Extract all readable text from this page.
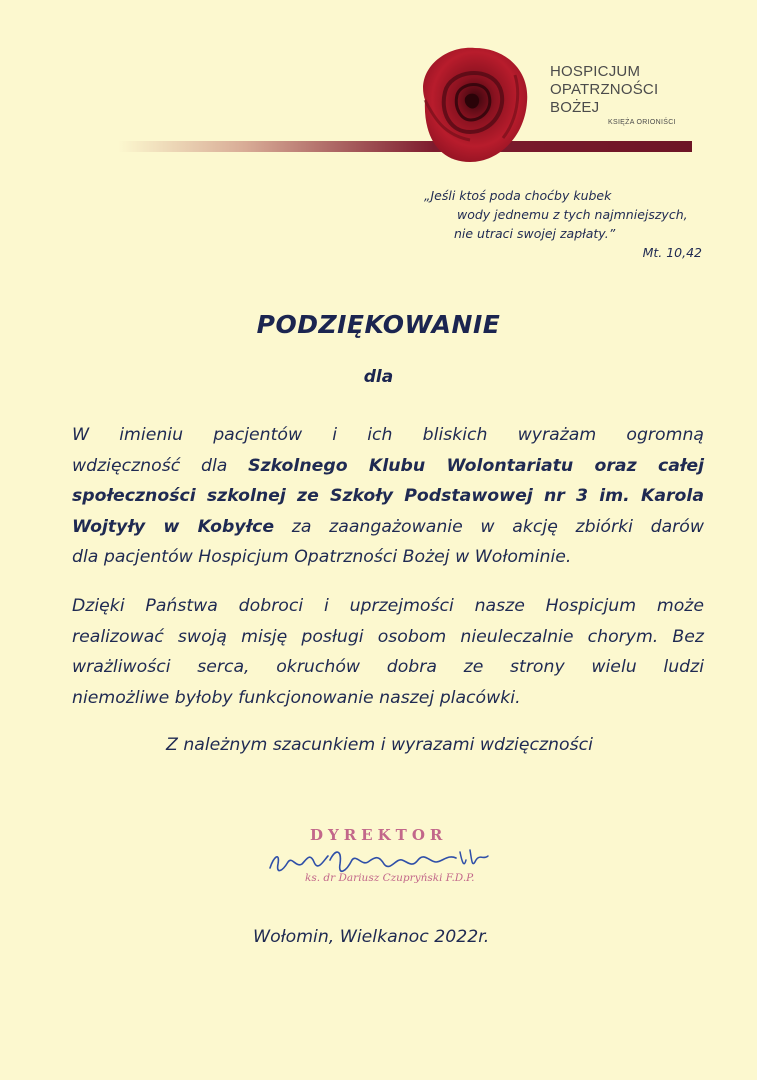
HOSPICJUM
OPATRZNOŚCI
BOŻEJ
KSIĘŻA ORIONIŚCI
„Jeśli ktoś poda choćby kubek
wody jednemu z tych najmniejszych,
nie utraci swojej zapłaty.”
Mt. 10,42
PODZIĘKOWANIE
dla
W imieniu pacjentów i ich bliskich wyrażam ogromną
wdzięczność dla Szkolnego Klubu Wolontariatu oraz całej
społeczności szkolnej ze Szkoły Podstawowej nr 3 im. Karola
Wojtyły w Kobyłce za zaangażowanie w akcję zbiórki darów
dla pacjentów Hospicjum Opatrzności Bożej w Wołominie.
Dzięki Państwa dobroci i uprzejmości nasze Hospicjum może
realizować swoją misję posługi osobom nieuleczalnie chorym. Bez
wrażliwości serca, okruchów dobra ze strony wielu ludzi
niemożliwe byłoby funkcjonowanie naszej placówki.
Z należnym szacunkiem i wyrazami wdzięczności
DYREKTOR
ks. dr Dariusz Czupryński F.D.P.
Wołomin, Wielkanoc 2022r.
